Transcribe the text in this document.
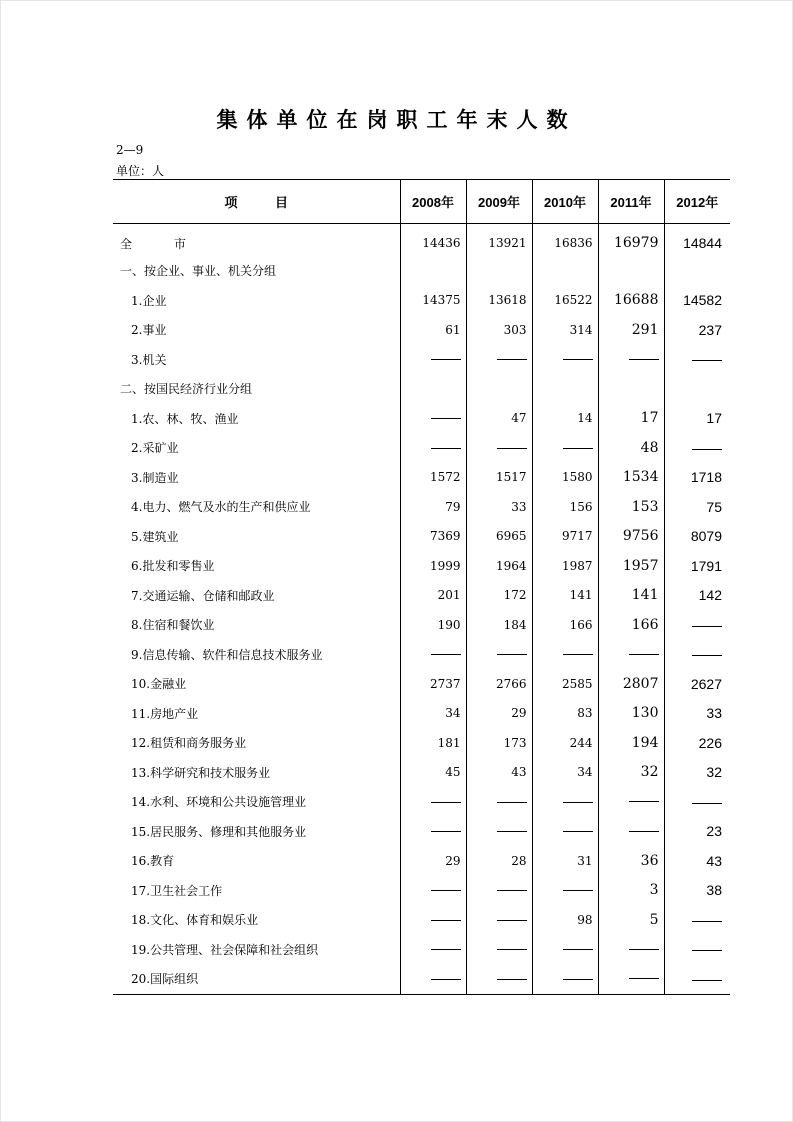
集体单位在岗职工年末人数
2—9
单位：人
项 目	2008年	2009年	2010年	2011年	2012年
全 市	14436	13921	16836	16979	14844
一、按企业、事业、机关分组					
1.企业	14375	13618	16522	16688	14582
2.事业	61	303	314	291	237
3.机关					
二、按国民经济行业分组					
1.农、林、牧、渔业		47	14	17	17
2.采矿业				48	
3.制造业	1572	1517	1580	1534	1718
4.电力、燃气及水的生产和供应业	79	33	156	153	75
5.建筑业	7369	6965	9717	9756	8079
6.批发和零售业	1999	1964	1987	1957	1791
7.交通运输、仓储和邮政业	201	172	141	141	142
8.住宿和餐饮业	190	184	166	166	
9.信息传输、软件和信息技术服务业					
10.金融业	2737	2766	2585	2807	2627
11.房地产业	34	29	83	130	33
12.租赁和商务服务业	181	173	244	194	226
13.科学研究和技术服务业	45	43	34	32	32
14.水利、环境和公共设施管理业					
15.居民服务、修理和其他服务业					23
16.教育	29	28	31	36	43
17.卫生社会工作				3	38
18.文化、体育和娱乐业			98	5	
19.公共管理、社会保障和社会组织					
20.国际组织					
